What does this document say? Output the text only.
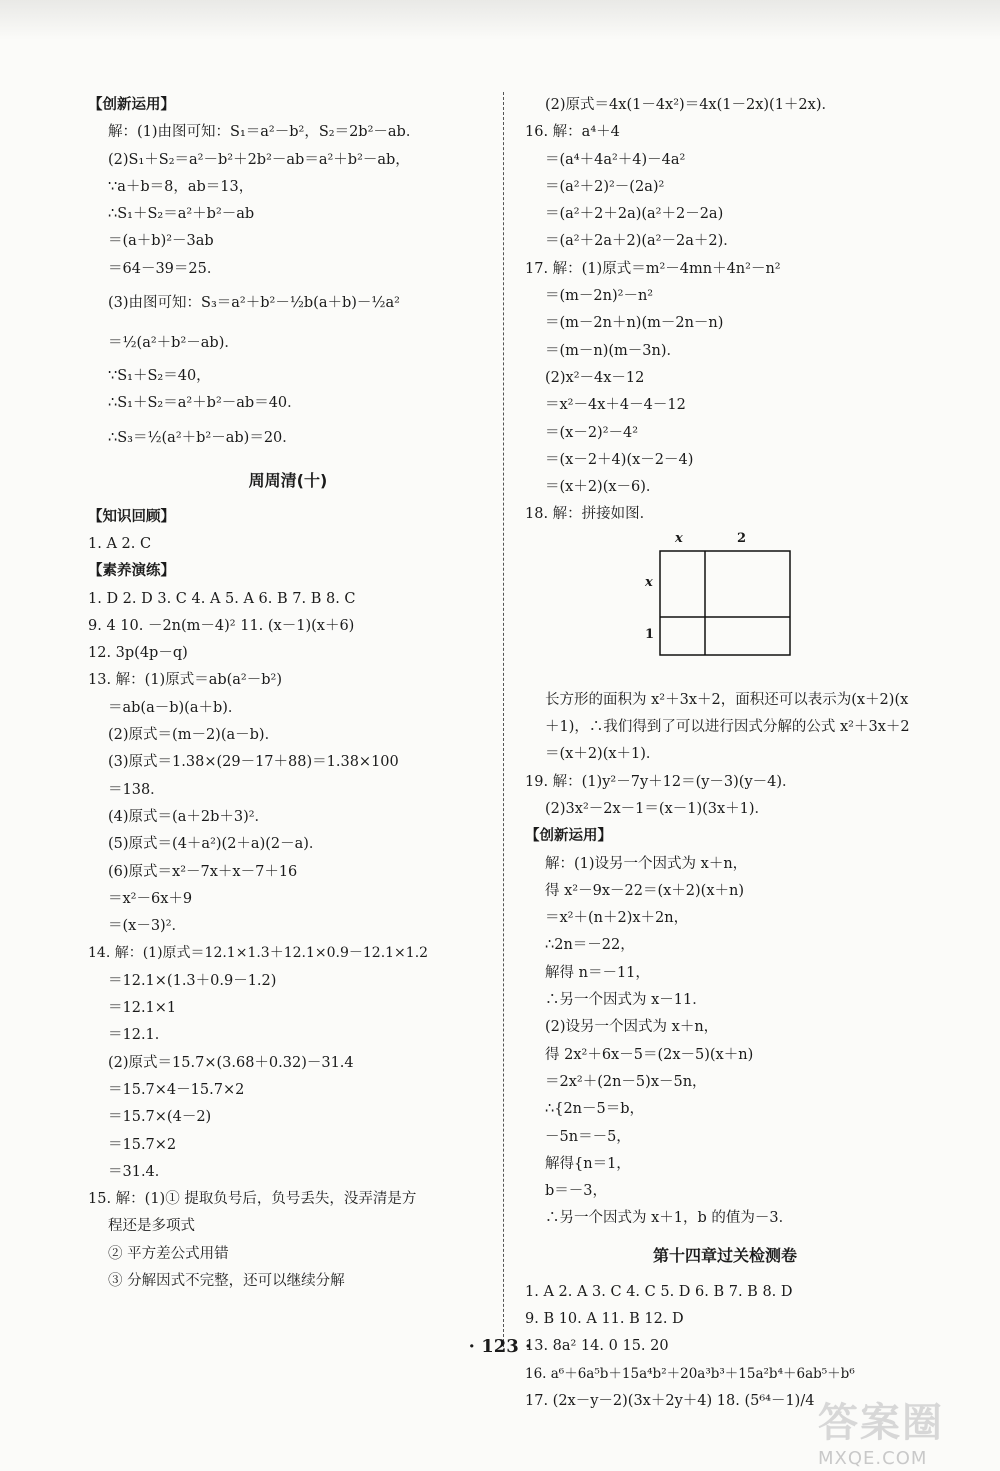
【创新运用】
解：(1)由图可知：S₁＝a²－b²，S₂＝2b²－ab．
(2)S₁＋S₂＝a²－b²＋2b²－ab＝a²＋b²－ab，
∵a＋b＝8，ab＝13，
∴S₁＋S₂＝a²＋b²－ab
＝(a＋b)²－3ab
＝64－39＝25．
(3)由图可知：S₃＝a²＋b²－½b(a＋b)－½a²
＝½(a²＋b²－ab)．
∵S₁＋S₂＝40，
∴S₁＋S₂＝a²＋b²－ab＝40．
∴S₃＝½(a²＋b²－ab)＝20．
周周清(十)
【知识回顾】
1. A 2. C
【素养演练】
1. D 2. D 3. C 4. A 5. A 6. B 7. B 8. C
9. 4 10. －2n(m－4)² 11. (x－1)(x＋6)
12. 3p(4p－q)
13. 解：(1)原式＝ab(a²－b²)
＝ab(a－b)(a＋b)．
(2)原式＝(m－2)(a－b)．
(3)原式＝1.38×(29－17＋88)＝1.38×100
＝138．
(4)原式＝(a＋2b＋3)²．
(5)原式＝(4＋a²)(2＋a)(2－a)．
(6)原式＝x²－7x＋x－7＋16
＝x²－6x＋9
＝(x－3)²．
14. 解：(1)原式＝12.1×1.3＋12.1×0.9－12.1×1.2
＝12.1×(1.3＋0.9－1.2)
＝12.1×1
＝12.1．
(2)原式＝15.7×(3.68＋0.32)－31.4
＝15.7×4－15.7×2
＝15.7×(4－2)
＝15.7×2
＝31.4．
15. 解：(1)① 提取负号后，负号丢失，没弄清是方
程还是多项式
② 平方差公式用错
③ 分解因式不完整，还可以继续分解
(2)原式＝4x(1－4x²)＝4x(1－2x)(1＋2x)．
16. 解：a⁴＋4
＝(a⁴＋4a²＋4)－4a²
＝(a²＋2)²－(2a)²
＝(a²＋2＋2a)(a²＋2－2a)
＝(a²＋2a＋2)(a²－2a＋2)．
17. 解：(1)原式＝m²－4mn＋4n²－n²
＝(m－2n)²－n²
＝(m－2n＋n)(m－2n－n)
＝(m－n)(m－3n)．
(2)x²－4x－12
＝x²－4x＋4－4－12
＝(x－2)²－4²
＝(x－2＋4)(x－2－4)
＝(x＋2)(x－6)．
18. 解：拼接如图．
x	2
x
1
长方形的面积为 x²＋3x＋2，面积还可以表示为(x＋2)(x＋1)，∴我们得到了可以进行因式分解的公式 x²＋3x＋2＝(x＋2)(x＋1)．
19. 解：(1)y²－7y＋12＝(y－3)(y－4)．
(2)3x²－2x－1＝(x－1)(3x＋1)．
【创新运用】
解：(1)设另一个因式为 x＋n，
得 x²－9x－22＝(x＋2)(x＋n)
＝x²＋(n＋2)x＋2n，
∴2n＝－22，
解得 n＝－11，
∴另一个因式为 x－11．
(2)设另一个因式为 x＋n，
得 2x²＋6x－5＝(2x－5)(x＋n)
＝2x²＋(2n－5)x－5n，
∴{2n－5＝b，
－5n＝－5，
解得{n＝1，
b＝－3，
∴另一个因式为 x＋1，b 的值为－3．
第十四章过关检测卷
1. A 2. A 3. C 4. C 5. D 6. B 7. B 8. D
9. B 10. A 11. B 12. D
13. 8a² 14. 0 15. 20
16. a⁶＋6a⁵b＋15a⁴b²＋20a³b³＋15a²b⁴＋6ab⁵＋b⁶
17. (2x－y－2)(3x＋2y＋4) 18. (5⁶⁴－1)/4
· 123 ·
答案圈
MXQE.COM
